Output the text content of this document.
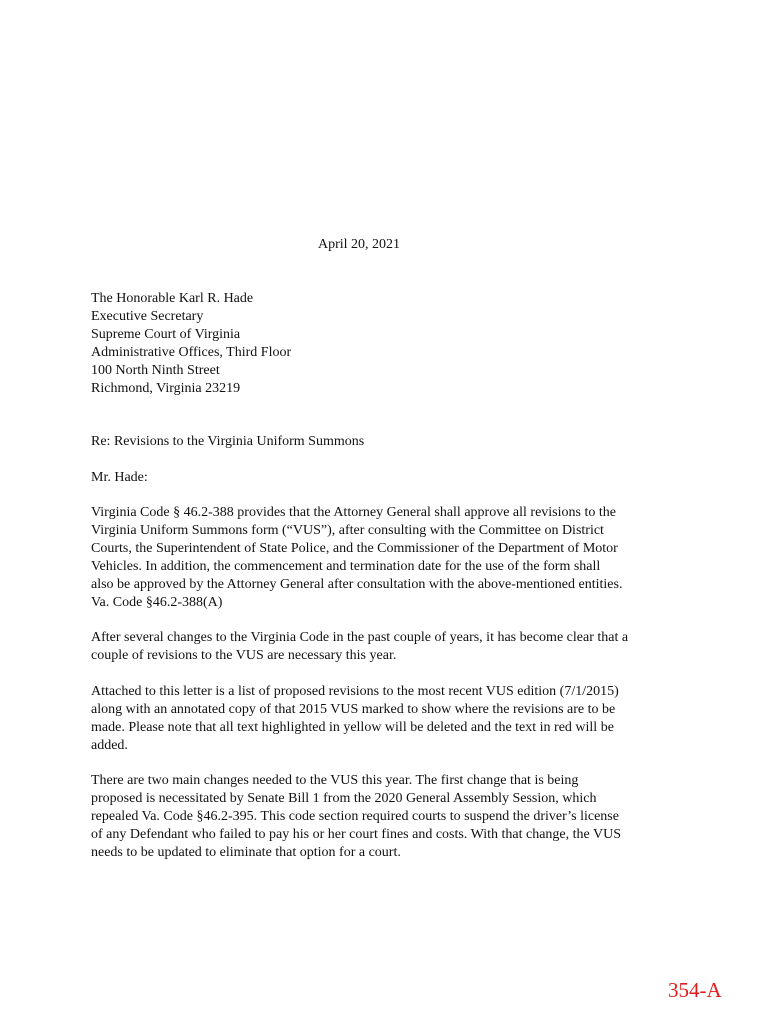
April 20, 2021
The Honorable Karl R. Hade
Executive Secretary
Supreme Court of Virginia
Administrative Offices, Third Floor
100 North Ninth Street
Richmond, Virginia 23219
Re: Revisions to the Virginia Uniform Summons
Mr. Hade:
Virginia Code § 46.2-388 provides that the Attorney General shall approve all revisions to the
Virginia Uniform Summons form (“VUS”), after consulting with the Committee on District
Courts, the Superintendent of State Police, and the Commissioner of the Department of Motor
Vehicles. In addition, the commencement and termination date for the use of the form shall
also be approved by the Attorney General after consultation with the above-mentioned entities.
Va. Code §46.2-388(A)
After several changes to the Virginia Code in the past couple of years, it has become clear that a
couple of revisions to the VUS are necessary this year.
Attached to this letter is a list of proposed revisions to the most recent VUS edition (7/1/2015)
along with an annotated copy of that 2015 VUS marked to show where the revisions are to be
made. Please note that all text highlighted in yellow will be deleted and the text in red will be
added.
There are two main changes needed to the VUS this year. The first change that is being
proposed is necessitated by Senate Bill 1 from the 2020 General Assembly Session, which
repealed Va. Code §46.2-395. This code section required courts to suspend the driver’s license
of any Defendant who failed to pay his or her court fines and costs. With that change, the VUS
needs to be updated to eliminate that option for a court.
354-A
